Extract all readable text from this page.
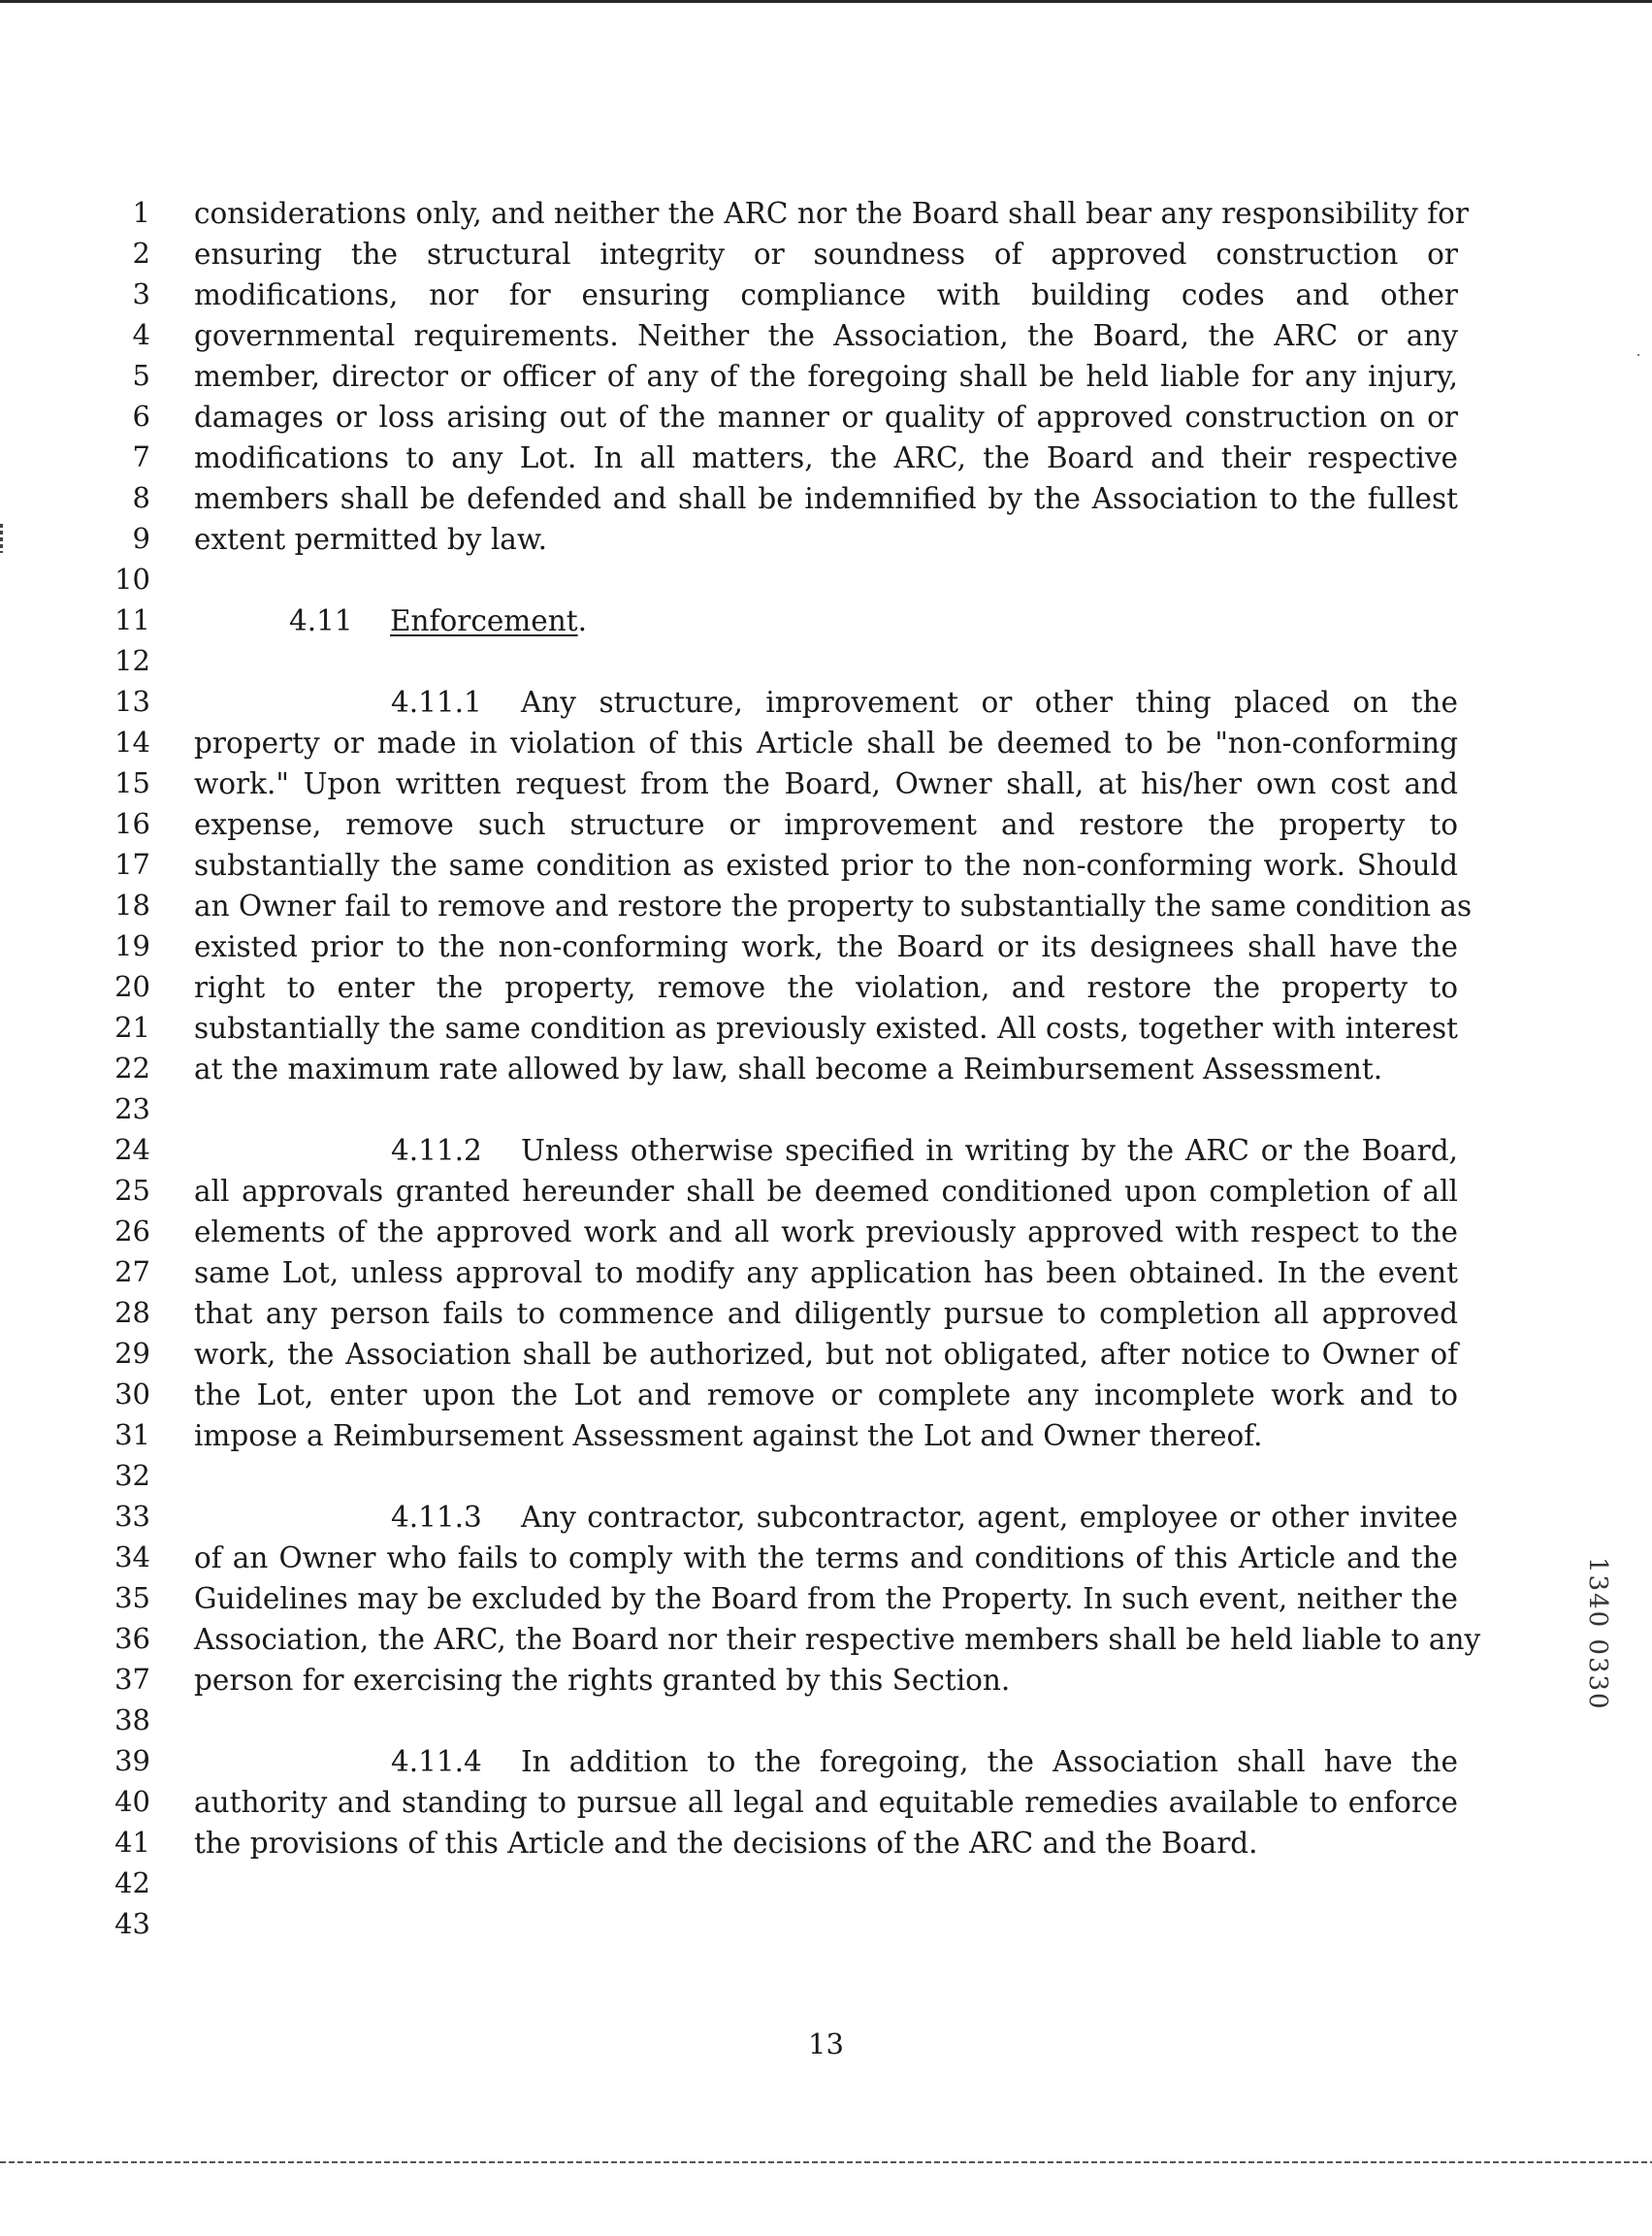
1
2
3
4
5
6
7
8
9
10
11
12
13
14
15
16
17
18
19
20
21
22
23
24
25
26
27
28
29
30
31
32
33
34
35
36
37
38
39
40
41
42
43
considerations only, and neither the ARC nor the Board shall bear any responsibility for
ensuring the structural integrity or soundness of approved construction or
modifications, nor for ensuring compliance with building codes and other
governmental requirements. Neither the Association, the Board, the ARC or any
member, director or officer of any of the foregoing shall be held liable for any injury,
damages or loss arising out of the manner or quality of approved construction on or
modifications to any Lot. In all matters, the ARC, the Board and their respective
members shall be defended and shall be indemnified by the Association to the fullest
extent permitted by law.
4.11 Enforcement.
4.11.1 Any structure, improvement or other thing placed on the
property or made in violation of this Article shall be deemed to be "non-conforming
work." Upon written request from the Board, Owner shall, at his/her own cost and
expense, remove such structure or improvement and restore the property to
substantially the same condition as existed prior to the non-conforming work. Should
an Owner fail to remove and restore the property to substantially the same condition as
existed prior to the non-conforming work, the Board or its designees shall have the
right to enter the property, remove the violation, and restore the property to
substantially the same condition as previously existed. All costs, together with interest
at the maximum rate allowed by law, shall become a Reimbursement Assessment.
4.11.2 Unless otherwise specified in writing by the ARC or the Board,
all approvals granted hereunder shall be deemed conditioned upon completion of all
elements of the approved work and all work previously approved with respect to the
same Lot, unless approval to modify any application has been obtained. In the event
that any person fails to commence and diligently pursue to completion all approved
work, the Association shall be authorized, but not obligated, after notice to Owner of
the Lot, enter upon the Lot and remove or complete any incomplete work and to
impose a Reimbursement Assessment against the Lot and Owner thereof.
4.11.3 Any contractor, subcontractor, agent, employee or other invitee
of an Owner who fails to comply with the terms and conditions of this Article and the
Guidelines may be excluded by the Board from the Property. In such event, neither the
Association, the ARC, the Board nor their respective members shall be held liable to any
person for exercising the rights granted by this Section.
4.11.4 In addition to the foregoing, the Association shall have the
authority and standing to pursue all legal and equitable remedies available to enforce
the provisions of this Article and the decisions of the ARC and the Board.
13
1340 0330
